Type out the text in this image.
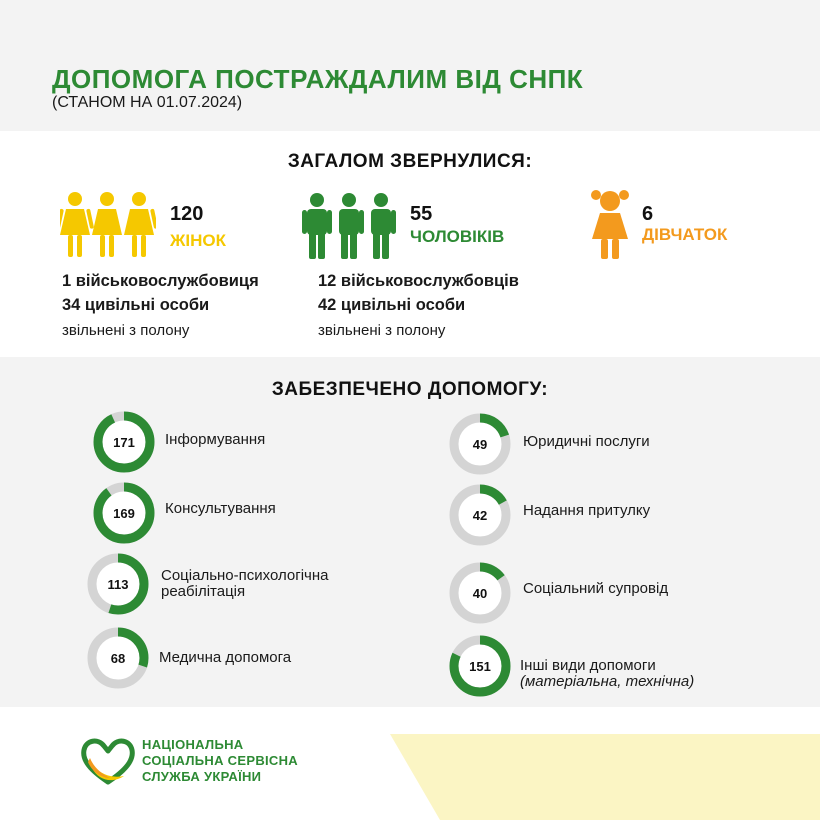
ДОПОМОГА ПОСТРАЖДАЛИМ ВІД СНПК
(СТАНОМ НА 01.07.2024)
ЗАГАЛОМ ЗВЕРНУЛИСЯ:
120
ЖІНОК
1 військовослужбовиця
34 цивільні особи
звільнені з полону
55
ЧОЛОВІКІВ
12 військовослужбовців
42 цивільні особи
звільнені з полону
6
ДІВЧАТОК
ЗАБЕЗПЕЧЕНО ДОПОМОГУ:
171	Інформування
169	Консультування
113	Соціально-психологічна
реабілітація
68	Медична допомога
49	Юридичні послуги
42	Надання притулку
40	Соціальний супровід
151	Інші види допомоги
(матеріальна, технічна)
НАЦІОНАЛЬНА
СОЦІАЛЬНА СЕРВІСНА
СЛУЖБА УКРАЇНИ
